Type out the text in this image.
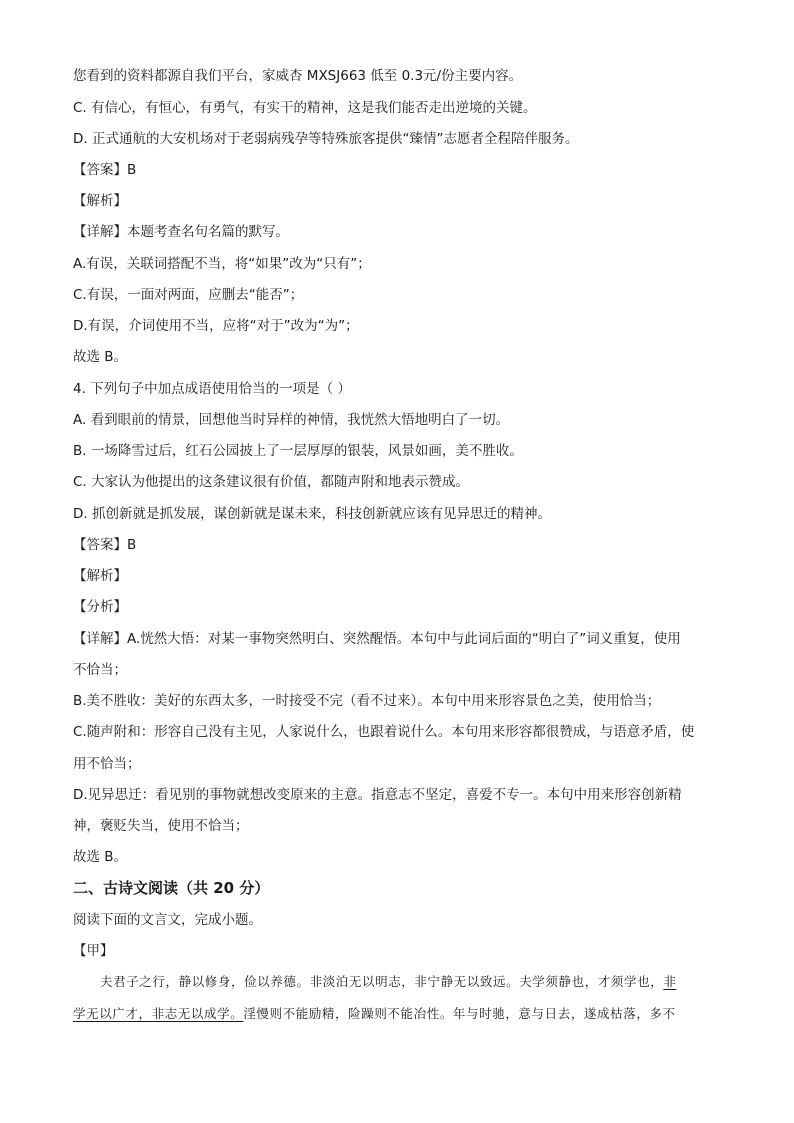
您看到的资料都源自我们平台，家威杏 MXSJ663 低至 0.3元/份主要内容。
C. 有信心，有恒心，有勇气，有实干的精神，这是我们能否走出逆境的关键。
D. 正式通航的大安机场对于老弱病残孕等特殊旅客提供“臻情”志愿者全程陪伴服务。
【答案】B
【解析】
【详解】本题考查名句名篇的默写。
A.有误，关联词搭配不当，将“如果”改为“只有”；
C.有误，一面对两面，应删去“能否”；
D.有误，介词使用不当，应将“对于”改为“为”；
故选 B。
4. 下列句子中加点成语使用恰当的一项是（ ）
A. 看到眼前的情景，回想他当时异样的神情，我恍然大悟地明白了一切。
B. 一场降雪过后，红石公园披上了一层厚厚的银装，风景如画，美不胜收。
C. 大家认为他提出的这条建议很有价值，都随声附和地表示赞成。
D. 抓创新就是抓发展，谋创新就是谋未来，科技创新就应该有见异思迁的精神。
【答案】B
【解析】
【分析】
【详解】A.恍然大悟：对某一事物突然明白、突然醒悟。本句中与此词后面的“明白了”词义重复，使用
不恰当；
B.美不胜收：美好的东西太多，一时接受不完（看不过来）。本句中用来形容景色之美，使用恰当；
C.随声附和：形容自己没有主见，人家说什么，也跟着说什么。本句用来形容都很赞成，与语意矛盾，使
用不恰当；
D.见异思迁：看见别的事物就想改变原来的主意。指意志不坚定，喜爱不专一。本句中用来形容创新精
神，褒贬失当，使用不恰当；
故选 B。
二、古诗文阅读（共 20 分）
阅读下面的文言文，完成小题。
【甲】
夫君子之行，静以修身，俭以养德。非淡泊无以明志，非宁静无以致远。夫学须静也，才须学也，非
学无以广才，非志无以成学。淫慢则不能励精，险躁则不能冶性。年与时驰，意与日去，遂成枯落，多不
